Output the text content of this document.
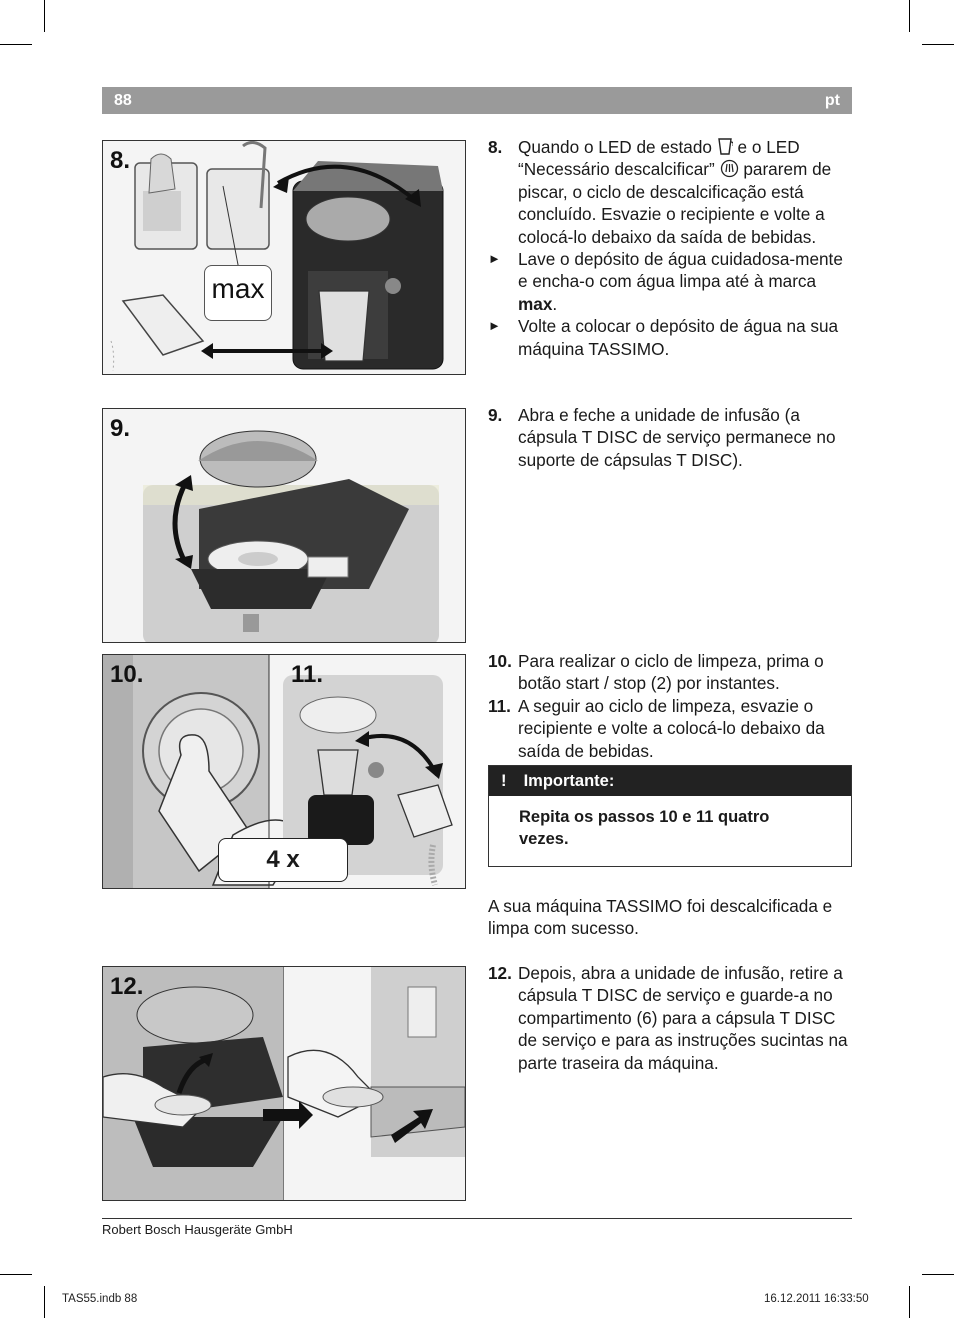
88	pt
8.
max
9.
10.	11.
4 x
12.
8. Quando o LED de estado  e o LED “Necessário descalcificar”  pararem de piscar, o ciclo de descalcificação está concluído. Esvazie o recipiente e volte a colocá-lo debaixo da saída de bebidas.
► Lave o depósito de água cuidadosa-mente e encha-o com água limpa até à marca max.
► Volte a colocar o depósito de água na sua máquina TASSIMO.
9. Abra e feche a unidade de infusão (a cápsula T DISC de serviço permanece no suporte de cápsulas T DISC).
10. Para realizar o ciclo de limpeza, prima o botão start / stop (2) por instantes.
11. A seguir ao ciclo de limpeza, esvazie o recipiente e volte a colocá-lo debaixo da saída de bebidas.
! Importante:
Repita os passos 10 e 11 quatro vezes.
A sua máquina TASSIMO foi descalcificada e limpa com sucesso.
12. Depois, abra a unidade de infusão, retire a cápsula T DISC de serviço e guarde-a no compartimento (6) para a cápsula T DISC de serviço e para as instruções sucintas na parte traseira da máquina.
Robert Bosch Hausgeräte GmbH
TAS55.indb 88	16.12.2011 16:33:50
